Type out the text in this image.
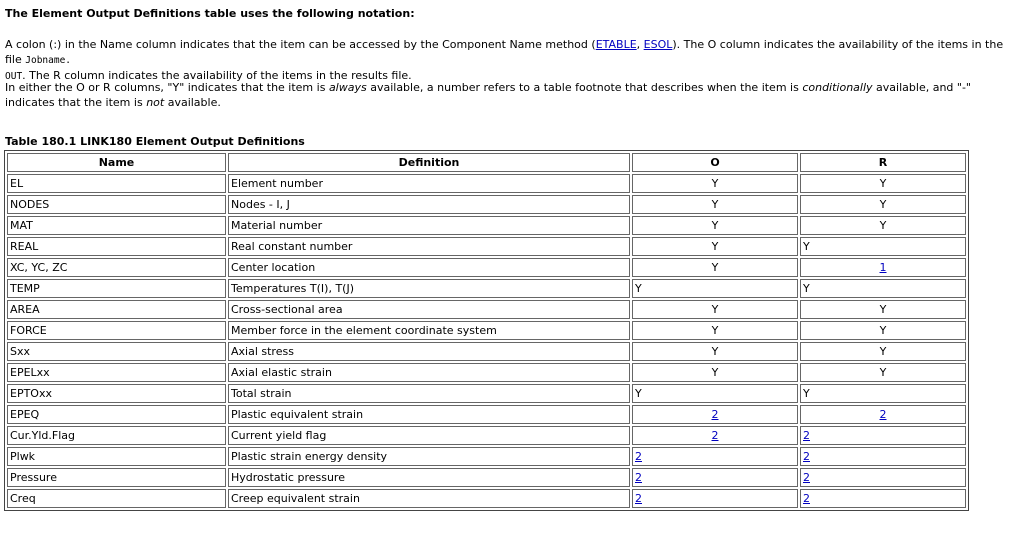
The Element Output Definitions table uses the following notation:
A colon (:) in the Name column indicates that the item can be accessed by the Component Name method (ETABLE, ESOL). The O column indicates the availability of the items in the file Jobname.
OUT. The R column indicates the availability of the items in the results file.
In either the O or R columns, "Y" indicates that the item is always available, a number refers to a table footnote that describes when the item is conditionally available, and "-" indicates that the item is not available.
Table 180.1 LINK180 Element Output Definitions
Name	Definition	O	R
EL	Element number	Y	Y
NODES	Nodes - I, J	Y	Y
MAT	Material number	Y	Y
REAL	Real constant number	Y	Y
XC, YC, ZC	Center location	Y	1
TEMP	Temperatures T(I), T(J)	Y	Y
AREA	Cross-sectional area	Y	Y
FORCE	Member force in the element coordinate system	Y	Y
Sxx	Axial stress	Y	Y
EPELxx	Axial elastic strain	Y	Y
EPTOxx	Total strain	Y	Y
EPEQ	Plastic equivalent strain	2	2
Cur.Yld.Flag	Current yield flag	2	2
Plwk	Plastic strain energy density	2	2
Pressure	Hydrostatic pressure	2	2
Creq	Creep equivalent strain	2	2
